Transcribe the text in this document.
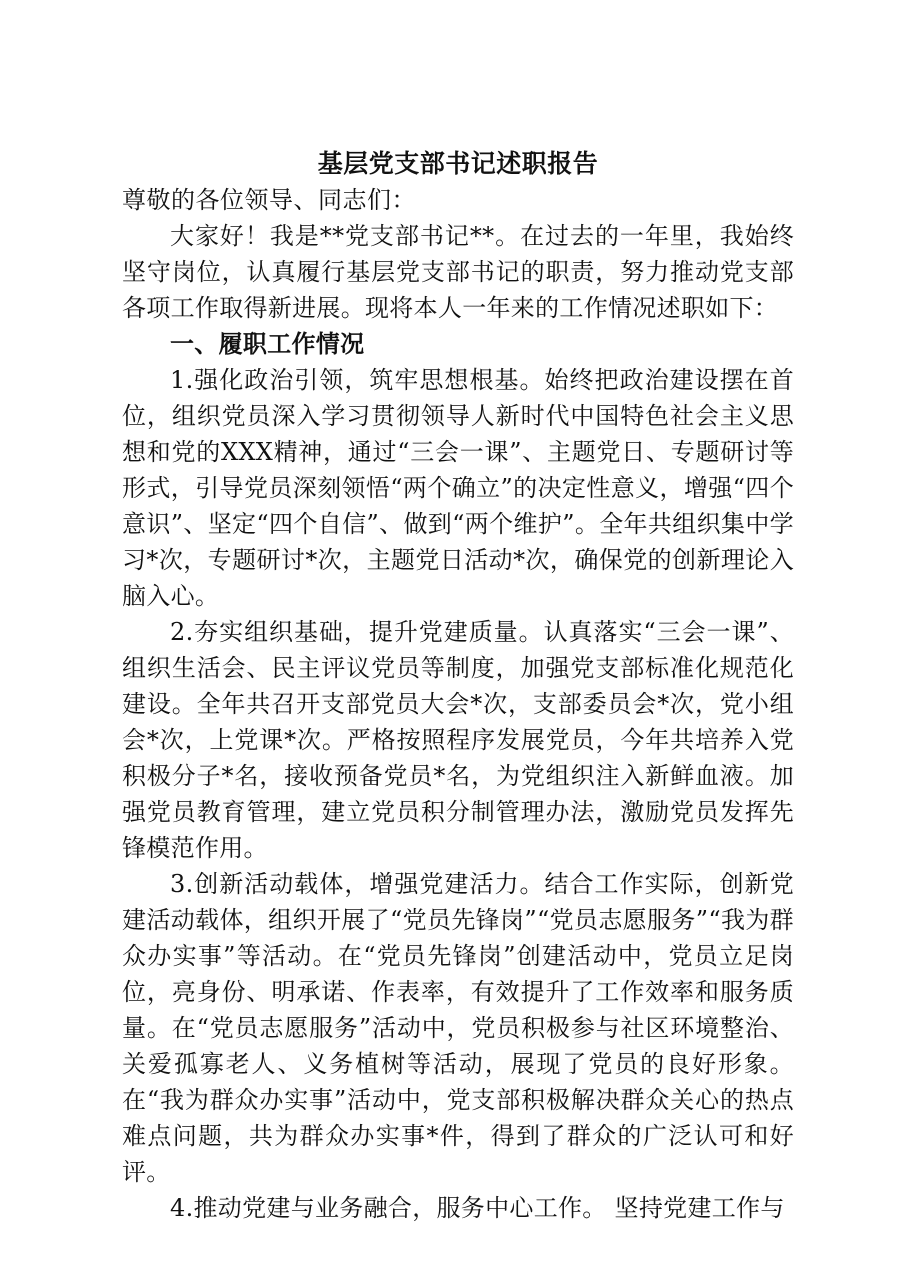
基层党支部书记述职报告

尊敬的各位领导、同志们：

大家好！我是**党支部书记**。在过去的一年里，我始终坚守岗位，认真履行基层党支部书记的职责，努力推动党支部各项工作取得新进展。现将本人一年来的工作情况述职如下：

一、履职工作情况

1.强化政治引领，筑牢思想根基。始终把政治建设摆在首位，组织党员深入学习贯彻领导人新时代中国特色社会主义思想和党的XXX精神，通过“三会一课”、主题党日、专题研讨等形式，引导党员深刻领悟“两个确立”的决定性意义，增强“四个意识”、坚定“四个自信”、做到“两个维护”。全年共组织集中学习*次，专题研讨*次，主题党日活动*次，确保党的创新理论入脑入心。

2.夯实组织基础，提升党建质量。认真落实“三会一课”、组织生活会、民主评议党员等制度，加强党支部标准化规范化建设。全年共召开支部党员大会*次，支部委员会*次，党小组会*次，上党课*次。严格按照程序发展党员，今年共培养入党积极分子*名，接收预备党员*名，为党组织注入新鲜血液。加强党员教育管理，建立党员积分制管理办法，激励党员发挥先锋模范作用。

3.创新活动载体，增强党建活力。结合工作实际，创新党建活动载体，组织开展了“党员先锋岗”“党员志愿服务”“我为群众办实事”等活动。在“党员先锋岗”创建活动中，党员立足岗位，亮身份、明承诺、作表率，有效提升了工作效率和服务质量。在“党员志愿服务”活动中，党员积极参与社区环境整治、关爱孤寡老人、义务植树等活动，展现了党员的良好形象。在“我为群众办实事”活动中，党支部积极解决群众关心的热点难点问题，共为群众办实事*件，得到了群众的广泛认可和好评。

4.推动党建与业务融合，服务中心工作。 坚持党建工作与
